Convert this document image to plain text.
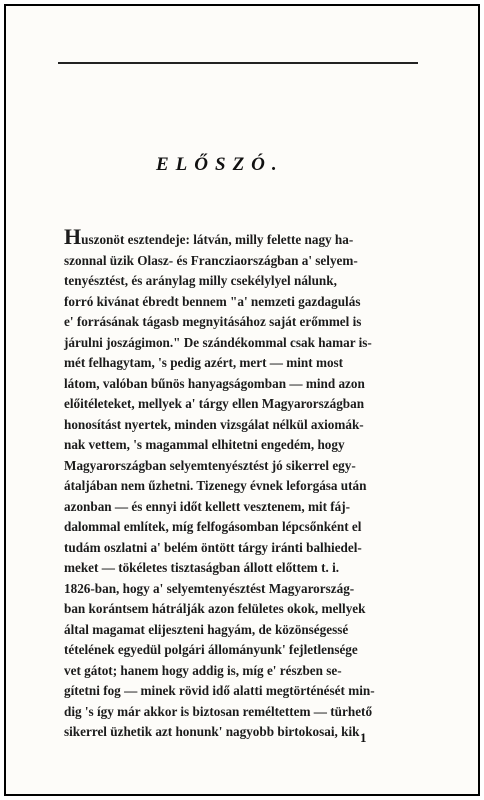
ELŐSZÓ.
Huszonöt esztendeje: látván, milly felette nagy ha-
szonnal üzik Olasz- és Francziaországban a' selyem-
tenyésztést, és aránylag milly csekélylyel nálunk,
forró kivánat ébredt bennem "a' nemzeti gazdagulás
e' forrásának tágasb megnyitásához saját erőmmel is
járulni joszágimon." De szándékommal csak hamar is-
mét felhagytam, 's pedig azért, mert — mint most
látom, valóban bűnös hanyagságomban — mind azon
előitéleteket, mellyek a' tárgy ellen Magyarországban
honosítást nyertek, minden vizsgálat nélkül axiomák-
nak vettem, 's magammal elhitetni engedém, hogy
Magyarországban selyemtenyésztést jó sikerrel egy-
átaljában nem űzhetni. Tizenegy évnek leforgása után
azonban — és ennyi időt kellett vesztenem, mit fáj-
dalommal említek, míg felfogásomban lépcsőnként el
tudám oszlatni a' belém öntött tárgy iránti balhiedel-
meket — tökéletes tisztaságban állott előttem t. i.
1826-ban, hogy a' selyemtenyésztést Magyarország-
ban korántsem hátrálják azon felületes okok, mellyek
által magamat elijeszteni hagyám, de közönségessé
tételének egyedül polgári állományunk' fejletlensége
vet gátot; hanem hogy addig is, míg e' részben se-
gítetni fog — minek rövid idő alatti megtörténését min-
dig 's így már akkor is biztosan reméltettem — türhető
sikerrel üzhetik azt honunk' nagyobb birtokosai, kik 1
